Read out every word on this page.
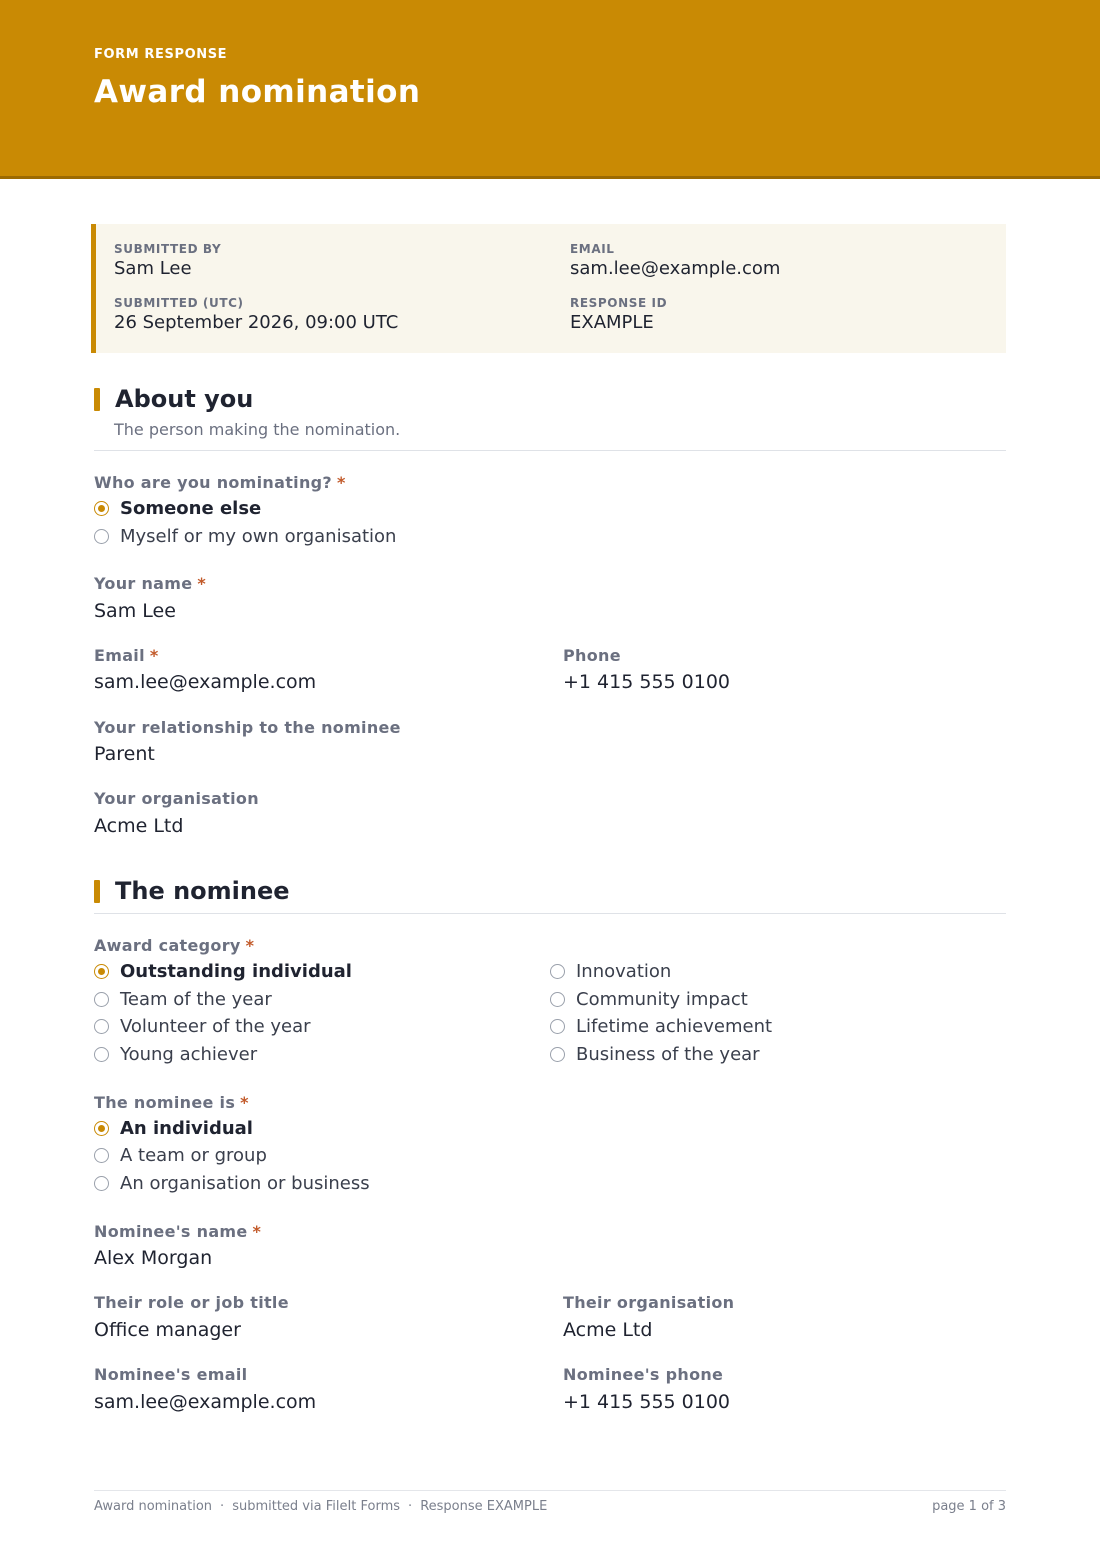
FORM RESPONSE
Award nomination
SUBMITTED BY
Sam Lee
EMAIL
sam.lee@example.com
SUBMITTED (UTC)
26 September 2026, 09:00 UTC
RESPONSE ID
EXAMPLE
About you
The person making the nomination.
Who are you nominating? *
Someone else
Myself or my own organisation
Your name *
Sam Lee
Email *
sam.lee@example.com
Phone
+1 415 555 0100
Your relationship to the nominee
Parent
Your organisation
Acme Ltd
The nominee
Award category *
Outstanding individual
Team of the year
Volunteer of the year
Young achiever
Innovation
Community impact
Lifetime achievement
Business of the year
The nominee is *
An individual
A team or group
An organisation or business
Nominee's name *
Alex Morgan
Their role or job title
Office manager
Their organisation
Acme Ltd
Nominee's email
sam.lee@example.com
Nominee's phone
+1 415 555 0100
Award nomination · submitted via FileIt Forms · Response EXAMPLE	page 1 of 3
